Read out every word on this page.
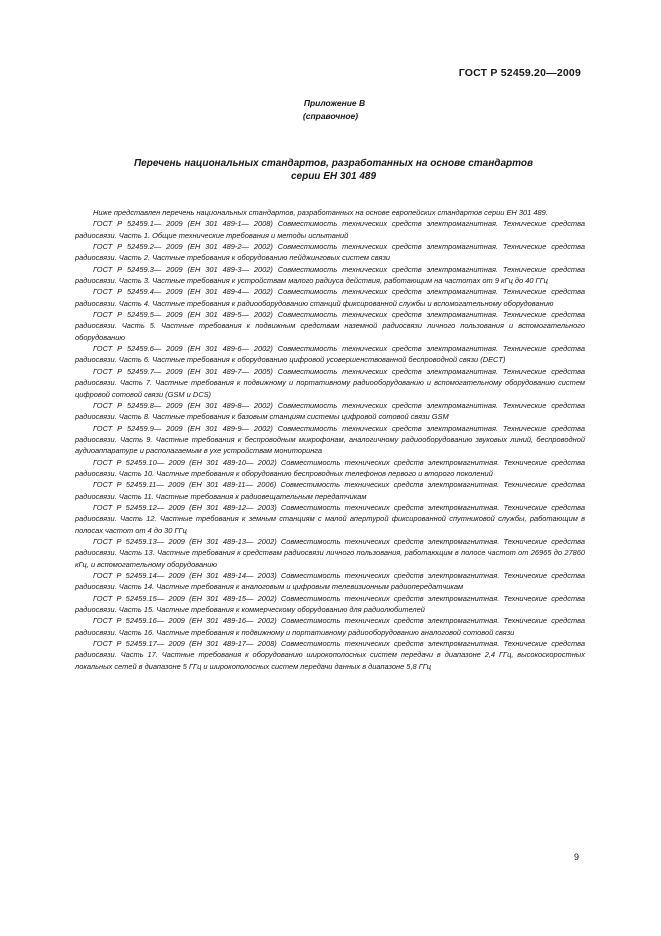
ГОСТ Р 52459.20—2009
Приложение В
(справочное)
Перечень национальных стандартов, разработанных на основе стандартов
серии ЕН 301 489

Ниже представлен перечень национальных стандартов, разработанных на основе европейских стандартов серии ЕН 301 489.

ГОСТ Р 52459.1— 2009 (ЕН 301 489-1— 2008) Совместимость технических средств электромагнитная. Технические средства радиосвязи. Часть 1. Общие технические требования и методы испытаний

ГОСТ Р 52459.2— 2009 (ЕН 301 489-2— 2002) Совместимость технических средств электромагнитная. Технические средства радиосвязи. Часть 2. Частные требования к оборудованию пейджинговых систем связи

ГОСТ Р 52459.3— 2009 (ЕН 301 489-3— 2002) Совместимость технических средств электромагнитная. Технические средства радиосвязи. Часть 3. Частные требования к устройствам малого радиуса действия, работающим на частотах от 9 кГц до 40 ГГц

ГОСТ Р 52459.4— 2009 (ЕН 301 489-4— 2002) Совместимость технических средств электромагнитная. Технические средства радиосвязи. Часть 4. Частные требования к радиооборудованию станций фиксированной службы и вспомогательному оборудованию

ГОСТ Р 52459.5— 2009 (ЕН 301 489-5— 2002) Совместимость технических средств электромагнитная. Технические средства радиосвязи. Часть 5. Частные требования к подвижным средствам наземной радиосвязи личного пользования и вспомогательного оборудованию

ГОСТ Р 52459.6— 2009 (ЕН 301 489-6— 2002) Совместимость технических средств электромагнитная. Технические средства радиосвязи. Часть 6. Частные требования к оборудованию цифровой усовершенствованной беспроводной связи (DECT)

ГОСТ Р 52459.7— 2009 (ЕН 301 489-7— 2005) Совместимость технических средств электромагнитная. Технические средства радиосвязи. Часть 7. Частные требования к подвижному и портативному радиооборудованию и вспомогательному оборудованию систем цифровой сотовой связи (GSM и DCS)

ГОСТ Р 52459.8— 2009 (ЕН 301 489-8— 2002) Совместимость технических средств электромагнитная. Технические средства радиосвязи. Часть 8. Частные требования к базовым станциям системы цифровой сотовой связи GSM

ГОСТ Р 52459.9— 2009 (ЕН 301 489-9— 2002) Совместимость технических средств электромагнитная. Технические средства радиосвязи. Часть 9. Частные требования к беспроводным микрофонам, аналогичному радиооборудованию звуковых линий, беспроводной аудиоаппаратуре и располагаемым в ухе устройствам мониторинга

ГОСТ Р 52459.10— 2009 (ЕН 301 489-10— 2002) Совместимость технических средств электромагнитная. Технические средства радиосвязи. Часть 10. Частные требования к оборудованию беспроводных телефонов первого и второго поколений

ГОСТ Р 52459.11— 2009 (ЕН 301 489-11— 2006) Совместимость технических средств электромагнитная. Технические средства радиосвязи. Часть 11. Частные требования к радиовещательным передатчикам

ГОСТ Р 52459.12— 2009 (ЕН 301 489-12— 2003) Совместимость технических средств электромагнитная. Технические средства радиосвязи. Часть 12. Частные требования к земным станциям с малой апертурой фиксированной спутниковой службы, работающим в полосах частот от 4 до 30 ГГц

ГОСТ Р 52459.13— 2009 (ЕН 301 489-13— 2002) Совместимость технических средств электромагнитная. Технические средства радиосвязи. Часть 13. Частные требования к средствам радиосвязи личного пользования, работающим в полосе частот от 26965 до 27860 кГц, и вспомогательному оборудованию

ГОСТ Р 52459.14— 2009 (ЕН 301 489-14— 2003) Совместимость технических средств электромагнитная. Технические средства радиосвязи. Часть 14. Частные требования к аналоговым и цифровым телевизионным радиопередатчикам

ГОСТ Р 52459.15— 2009 (ЕН 301 489-15— 2002) Совместимость технических средств электромагнитная. Технические средства радиосвязи. Часть 15. Частные требования к коммерческому оборудованию для радиолюбителей

ГОСТ Р 52459.16— 2009 (ЕН 301 489-16— 2002) Совместимость технических средств электромагнитная. Технические средства радиосвязи. Часть 16. Частные требования к подвижному и портативному радиооборудованию аналоговой сотовой связи

ГОСТ Р 52459.17— 2009 (ЕН 301 489-17— 2008) Совместимость технических средств электромагнитная. Технические средства радиосвязи. Часть 17. Частные требования к оборудованию широкополосных систем передачи в диапазоне 2,4 ГГц, высокоскоростных локальных сетей в диапазоне 5 ГГц и широкополосных систем передачи данных в диапазоне 5,8 ГГц

9
